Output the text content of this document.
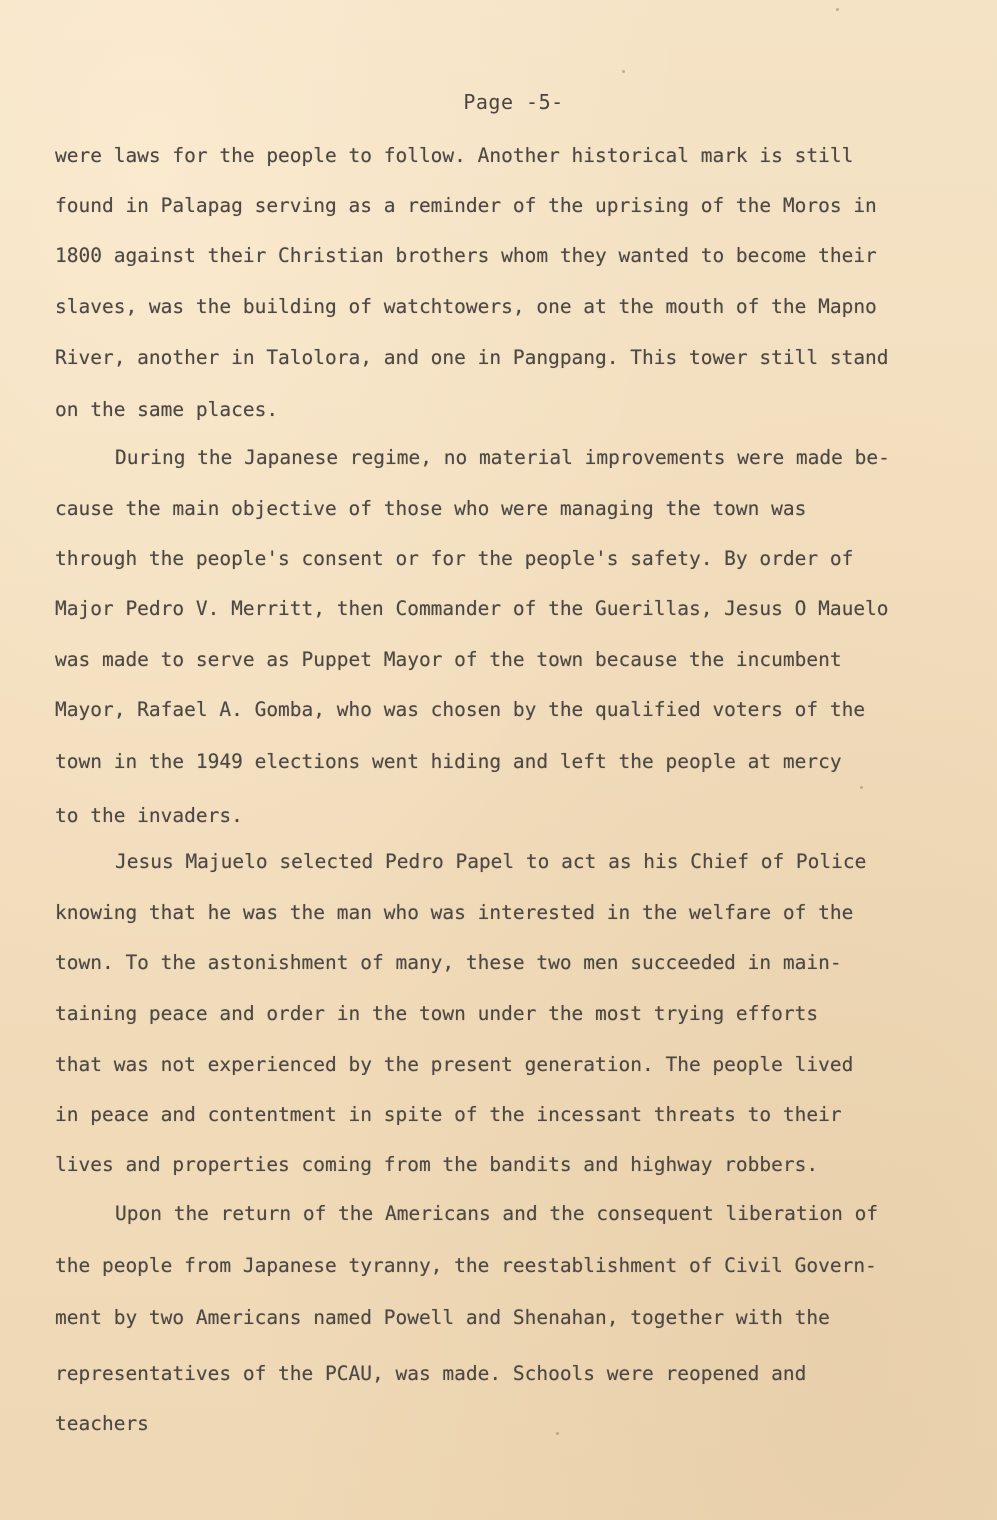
Page -5-
were laws for the people to follow. Another historical mark is still
found in Palapag serving as a reminder of the uprising of the Moros in
1800 against their Christian brothers whom they wanted to become their
slaves, was the building of watchtowers, one at the mouth of the Mapno
River, another in Talolora, and one in Pangpang. This tower still stand
on the same places.
During the Japanese regime, no material improvements were made be-
cause the main objective of those who were managing the town was
through the people's consent or for the people's safety. By order of
Major Pedro V. Merritt, then Commander of the Guerillas, Jesus O Mauelo
was made to serve as Puppet Mayor of the town because the incumbent
Mayor, Rafael A. Gomba, who was chosen by the qualified voters of the
town in the 1949 elections went hiding and left the people at mercy
to the invaders.
Jesus Majuelo selected Pedro Papel to act as his Chief of Police
knowing that he was the man who was interested in the welfare of the
town. To the astonishment of many, these two men succeeded in main-
taining peace and order in the town under the most trying efforts
that was not experienced by the present generation. The people lived
in peace and contentment in spite of the incessant threats to their
lives and properties coming from the bandits and highway robbers.
Upon the return of the Americans and the consequent liberation of
the people from Japanese tyranny, the reestablishment of Civil Govern-
ment by two Americans named Powell and Shenahan, together with the
representatives of the PCAU, was made. Schools were reopened and
teachers
